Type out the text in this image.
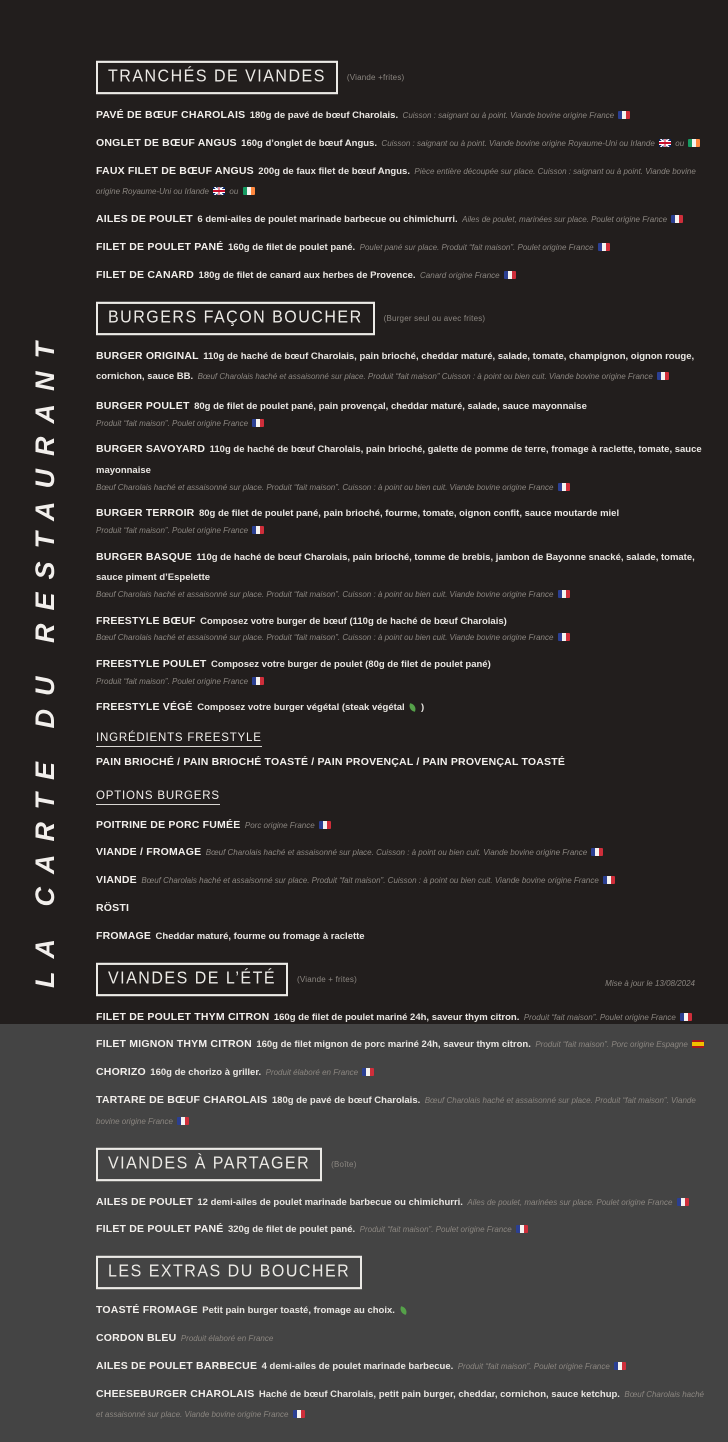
LA CARTE DU RESTAURANT
TRANCHÉS DE VIANDES	(Viande +frites)
PAVÉ DE BŒUF CHAROLAIS 180g de pavé de bœuf Charolais. Cuisson : saignant ou à point. Viande bovine origine France
ONGLET DE BŒUF ANGUS 160g d’onglet de bœuf Angus. Cuisson : saignant ou à point. Viande bovine origine Royaume-Uni ou Irlande  ou
FAUX FILET DE BŒUF ANGUS 200g de faux filet de bœuf Angus. Pièce entière découpée sur place. Cuisson : saignant ou à point. Viande bovine origine Royaume-Uni ou Irlande  ou
AILES DE POULET 6 demi-ailes de poulet marinade barbecue ou chimichurri. Ailes de poulet, marinées sur place. Poulet origine France
FILET DE POULET PANÉ 160g de filet de poulet pané. Poulet pané sur place. Produit “fait maison”. Poulet origine France
FILET DE CANARD 180g de filet de canard aux herbes de Provence. Canard origine France
BURGERS FAÇON BOUCHER	(Burger seul ou avec frites)
BURGER ORIGINAL 110g de haché de bœuf Charolais, pain brioché, cheddar maturé, salade, tomate, champignon, oignon rouge, cornichon, sauce BB. Bœuf Charolais haché et assaisonné sur place. Produit “fait maison” Cuisson : à point ou bien cuit. Viande bovine origine France
BURGER POULET 80g de filet de poulet pané, pain provençal, cheddar maturé, salade, sauce mayonnaise
Produit “fait maison”. Poulet origine France
BURGER SAVOYARD 110g de haché de bœuf Charolais, pain brioché, galette de pomme de terre, fromage à raclette, tomate, sauce mayonnaise
Bœuf Charolais haché et assaisonné sur place. Produit “fait maison”. Cuisson : à point ou bien cuit. Viande bovine origine France
BURGER TERROIR 80g de filet de poulet pané, pain brioché, fourme, tomate, oignon confit, sauce moutarde miel
Produit “fait maison”. Poulet origine France
BURGER BASQUE 110g de haché de bœuf Charolais, pain brioché, tomme de brebis, jambon de Bayonne snacké, salade, tomate, sauce piment d’Espelette
Bœuf Charolais haché et assaisonné sur place. Produit “fait maison”. Cuisson : à point ou bien cuit. Viande bovine origine France
FREESTYLE BŒUF Composez votre burger de bœuf (110g de haché de bœuf Charolais)
Bœuf Charolais haché et assaisonné sur place. Produit “fait maison”. Cuisson : à point ou bien cuit. Viande bovine origine France
FREESTYLE POULET Composez votre burger de poulet (80g de filet de poulet pané)
Produit “fait maison”. Poulet origine France
FREESTYLE VÉGÉ Composez votre burger végétal (steak végétal  )
INGRÉDIENTS FREESTYLE
PAIN BRIOCHÉ / PAIN BRIOCHÉ TOASTÉ / PAIN PROVENÇAL / PAIN PROVENÇAL TOASTÉ
OPTIONS BURGERS
POITRINE DE PORC FUMÉE Porc origine France
VIANDE / FROMAGE Bœuf Charolais haché et assaisonné sur place. Cuisson : à point ou bien cuit. Viande bovine origine France
VIANDE Bœuf Charolais haché et assaisonné sur place. Produit “fait maison”. Cuisson : à point ou bien cuit. Viande bovine origine France
RÖSTI
FROMAGE Cheddar maturé, fourme ou fromage à raclette
VIANDES DE L’ÉTÉ	(Viande + frites)
FILET DE POULET THYM CITRON 160g de filet de poulet mariné 24h, saveur thym citron. Produit “fait maison”. Poulet origine France
FILET MIGNON THYM CITRON 160g de filet mignon de porc mariné 24h, saveur thym citron. Produit “fait maison”. Porc origine Espagne
CHORIZO 160g de chorizo à griller. Produit élaboré en France
TARTARE DE BŒUF CHAROLAIS 180g de pavé de bœuf Charolais. Bœuf Charolais haché et assaisonné sur place. Produit “fait maison”. Viande bovine origine France
VIANDES À PARTAGER	(Boîte)
AILES DE POULET 12 demi-ailes de poulet marinade barbecue ou chimichurri. Ailes de poulet, marinées sur place. Poulet origine France
FILET DE POULET PANÉ 320g de filet de poulet pané. Produit “fait maison”. Poulet origine France
LES EXTRAS DU BOUCHER
TOASTÉ FROMAGE Petit pain burger toasté, fromage au choix.
CORDON BLEU Produit élaboré en France
AILES DE POULET BARBECUE 4 demi-ailes de poulet marinade barbecue. Produit “fait maison”. Poulet origine France
CHEESEBURGER CHAROLAIS Haché de bœuf Charolais, petit pain burger, cheddar, cornichon, sauce ketchup. Bœuf Charolais haché et assaisonné sur place. Viande bovine origine France
Mise à jour le 13/08/2024
